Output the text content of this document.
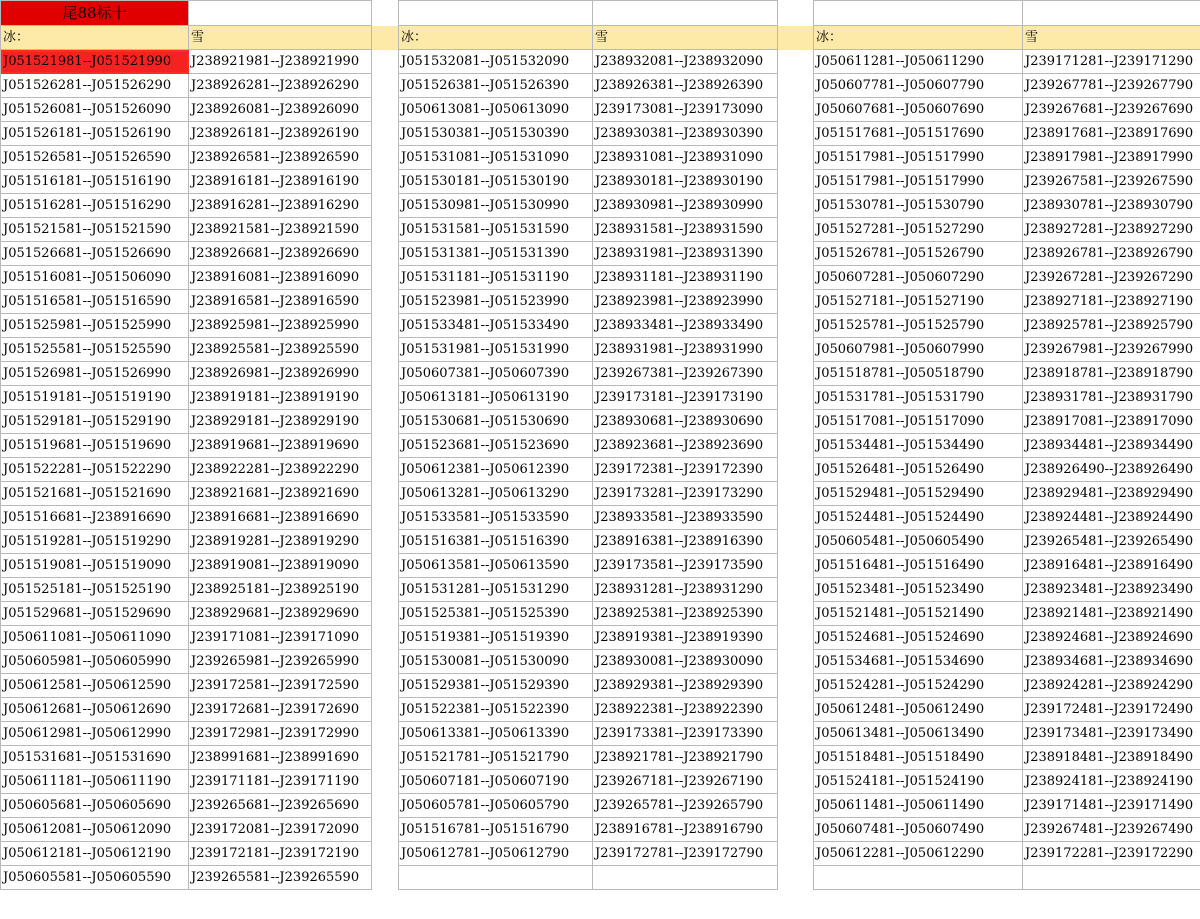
尾88标十							
冰：	雪		冰：	雪		冰：	雪
J051521981--J051521990	J238921981--J238921990		J051532081--J051532090	J238932081--J238932090		J050611281--J050611290	J239171281--J239171290
J051526281--J051526290	J238926281--J238926290		J051526381--J051526390	J238926381--J238926390		J050607781--J050607790	J239267781--J239267790
J051526081--J051526090	J238926081--J238926090		J050613081--J050613090	J239173081--J239173090		J050607681--J050607690	J239267681--J239267690
J051526181--J051526190	J238926181--J238926190		J051530381--J051530390	J238930381--J238930390		J051517681--J051517690	J238917681--J238917690
J051526581--J051526590	J238926581--J238926590		J051531081--J051531090	J238931081--J238931090		J051517981--J051517990	J238917981--J238917990
J051516181--J051516190	J238916181--J238916190		J051530181--J051530190	J238930181--J238930190		J051517981--J051517990	J239267581--J239267590
J051516281--J051516290	J238916281--J238916290		J051530981--J051530990	J238930981--J238930990		J051530781--J051530790	J238930781--J238930790
J051521581--J051521590	J238921581--J238921590		J051531581--J051531590	J238931581--J238931590		J051527281--J051527290	J238927281--J238927290
J051526681--J051526690	J238926681--J238926690		J051531381--J051531390	J238931981--J238931390		J051526781--J051526790	J238926781--J238926790
J051516081--J051506090	J238916081--J238916090		J051531181--J051531190	J238931181--J238931190		J050607281--J050607290	J239267281--J239267290
J051516581--J051516590	J238916581--J238916590		J051523981--J051523990	J238923981--J238923990		J051527181--J051527190	J238927181--J238927190
J051525981--J051525990	J238925981--J238925990		J051533481--J051533490	J238933481--J238933490		J051525781--J051525790	J238925781--J238925790
J051525581--J051525590	J238925581--J238925590		J051531981--J051531990	J238931981--J238931990		J050607981--J050607990	J239267981--J239267990
J051526981--J051526990	J238926981--J238926990		J050607381--J050607390	J239267381--J239267390		J051518781--J050518790	J238918781--J238918790
J051519181--J051519190	J238919181--J238919190		J050613181--J050613190	J239173181--J239173190		J051531781--J051531790	J238931781--J238931790
J051529181--J051529190	J238929181--J238929190		J051530681--J051530690	J238930681--J238930690		J051517081--J051517090	J238917081--J238917090
J051519681--J051519690	J238919681--J238919690		J051523681--J051523690	J238923681--J238923690		J051534481--J051534490	J238934481--J238934490
J051522281--J051522290	J238922281--J238922290		J050612381--J050612390	J239172381--J239172390		J051526481--J051526490	J238926490--J238926490
J051521681--J051521690	J238921681--J238921690		J050613281--J050613290	J239173281--J239173290		J051529481--J051529490	J238929481--J238929490
J051516681--J238916690	J238916681--J238916690		J051533581--J051533590	J238933581--J238933590		J051524481--J051524490	J238924481--J238924490
J051519281--J051519290	J238919281--J238919290		J051516381--J051516390	J238916381--J238916390		J050605481--J050605490	J239265481--J239265490
J051519081--J051519090	J238919081--J238919090		J050613581--J050613590	J239173581--J239173590		J051516481--J051516490	J238916481--J238916490
J051525181--J051525190	J238925181--J238925190		J051531281--J051531290	J238931281--J238931290		J051523481--J051523490	J238923481--J238923490
J051529681--J051529690	J238929681--J238929690		J051525381--J051525390	J238925381--J238925390		J051521481--J051521490	J238921481--J238921490
J050611081--J050611090	J239171081--J239171090		J051519381--J051519390	J238919381--J238919390		J051524681--J051524690	J238924681--J238924690
J050605981--J050605990	J239265981--J239265990		J051530081--J051530090	J238930081--J238930090		J051534681--J051534690	J238934681--J238934690
J050612581--J050612590	J239172581--J239172590		J051529381--J051529390	J238929381--J238929390		J051524281--J051524290	J238924281--J238924290
J050612681--J050612690	J239172681--J239172690		J051522381--J051522390	J238922381--J238922390		J050612481--J050612490	J239172481--J239172490
J050612981--J050612990	J239172981--J239172990		J050613381--J050613390	J239173381--J239173390		J050613481--J050613490	J239173481--J239173490
J051531681--J051531690	J238991681--J238991690		J051521781--J051521790	J238921781--J238921790		J051518481--J051518490	J238918481--J238918490
J050611181--J050611190	J239171181--J239171190		J050607181--J050607190	J239267181--J239267190		J051524181--J051524190	J238924181--J238924190
J050605681--J050605690	J239265681--J239265690		J050605781--J050605790	J239265781--J239265790		J050611481--J050611490	J239171481--J239171490
J050612081--J050612090	J239172081--J239172090		J051516781--J051516790	J238916781--J238916790		J050607481--J050607490	J239267481--J239267490
J050612181--J050612190	J239172181--J239172190		J050612781--J050612790	J239172781--J239172790		J050612281--J050612290	J239172281--J239172290
J050605581--J050605590	J239265581--J239265590						
